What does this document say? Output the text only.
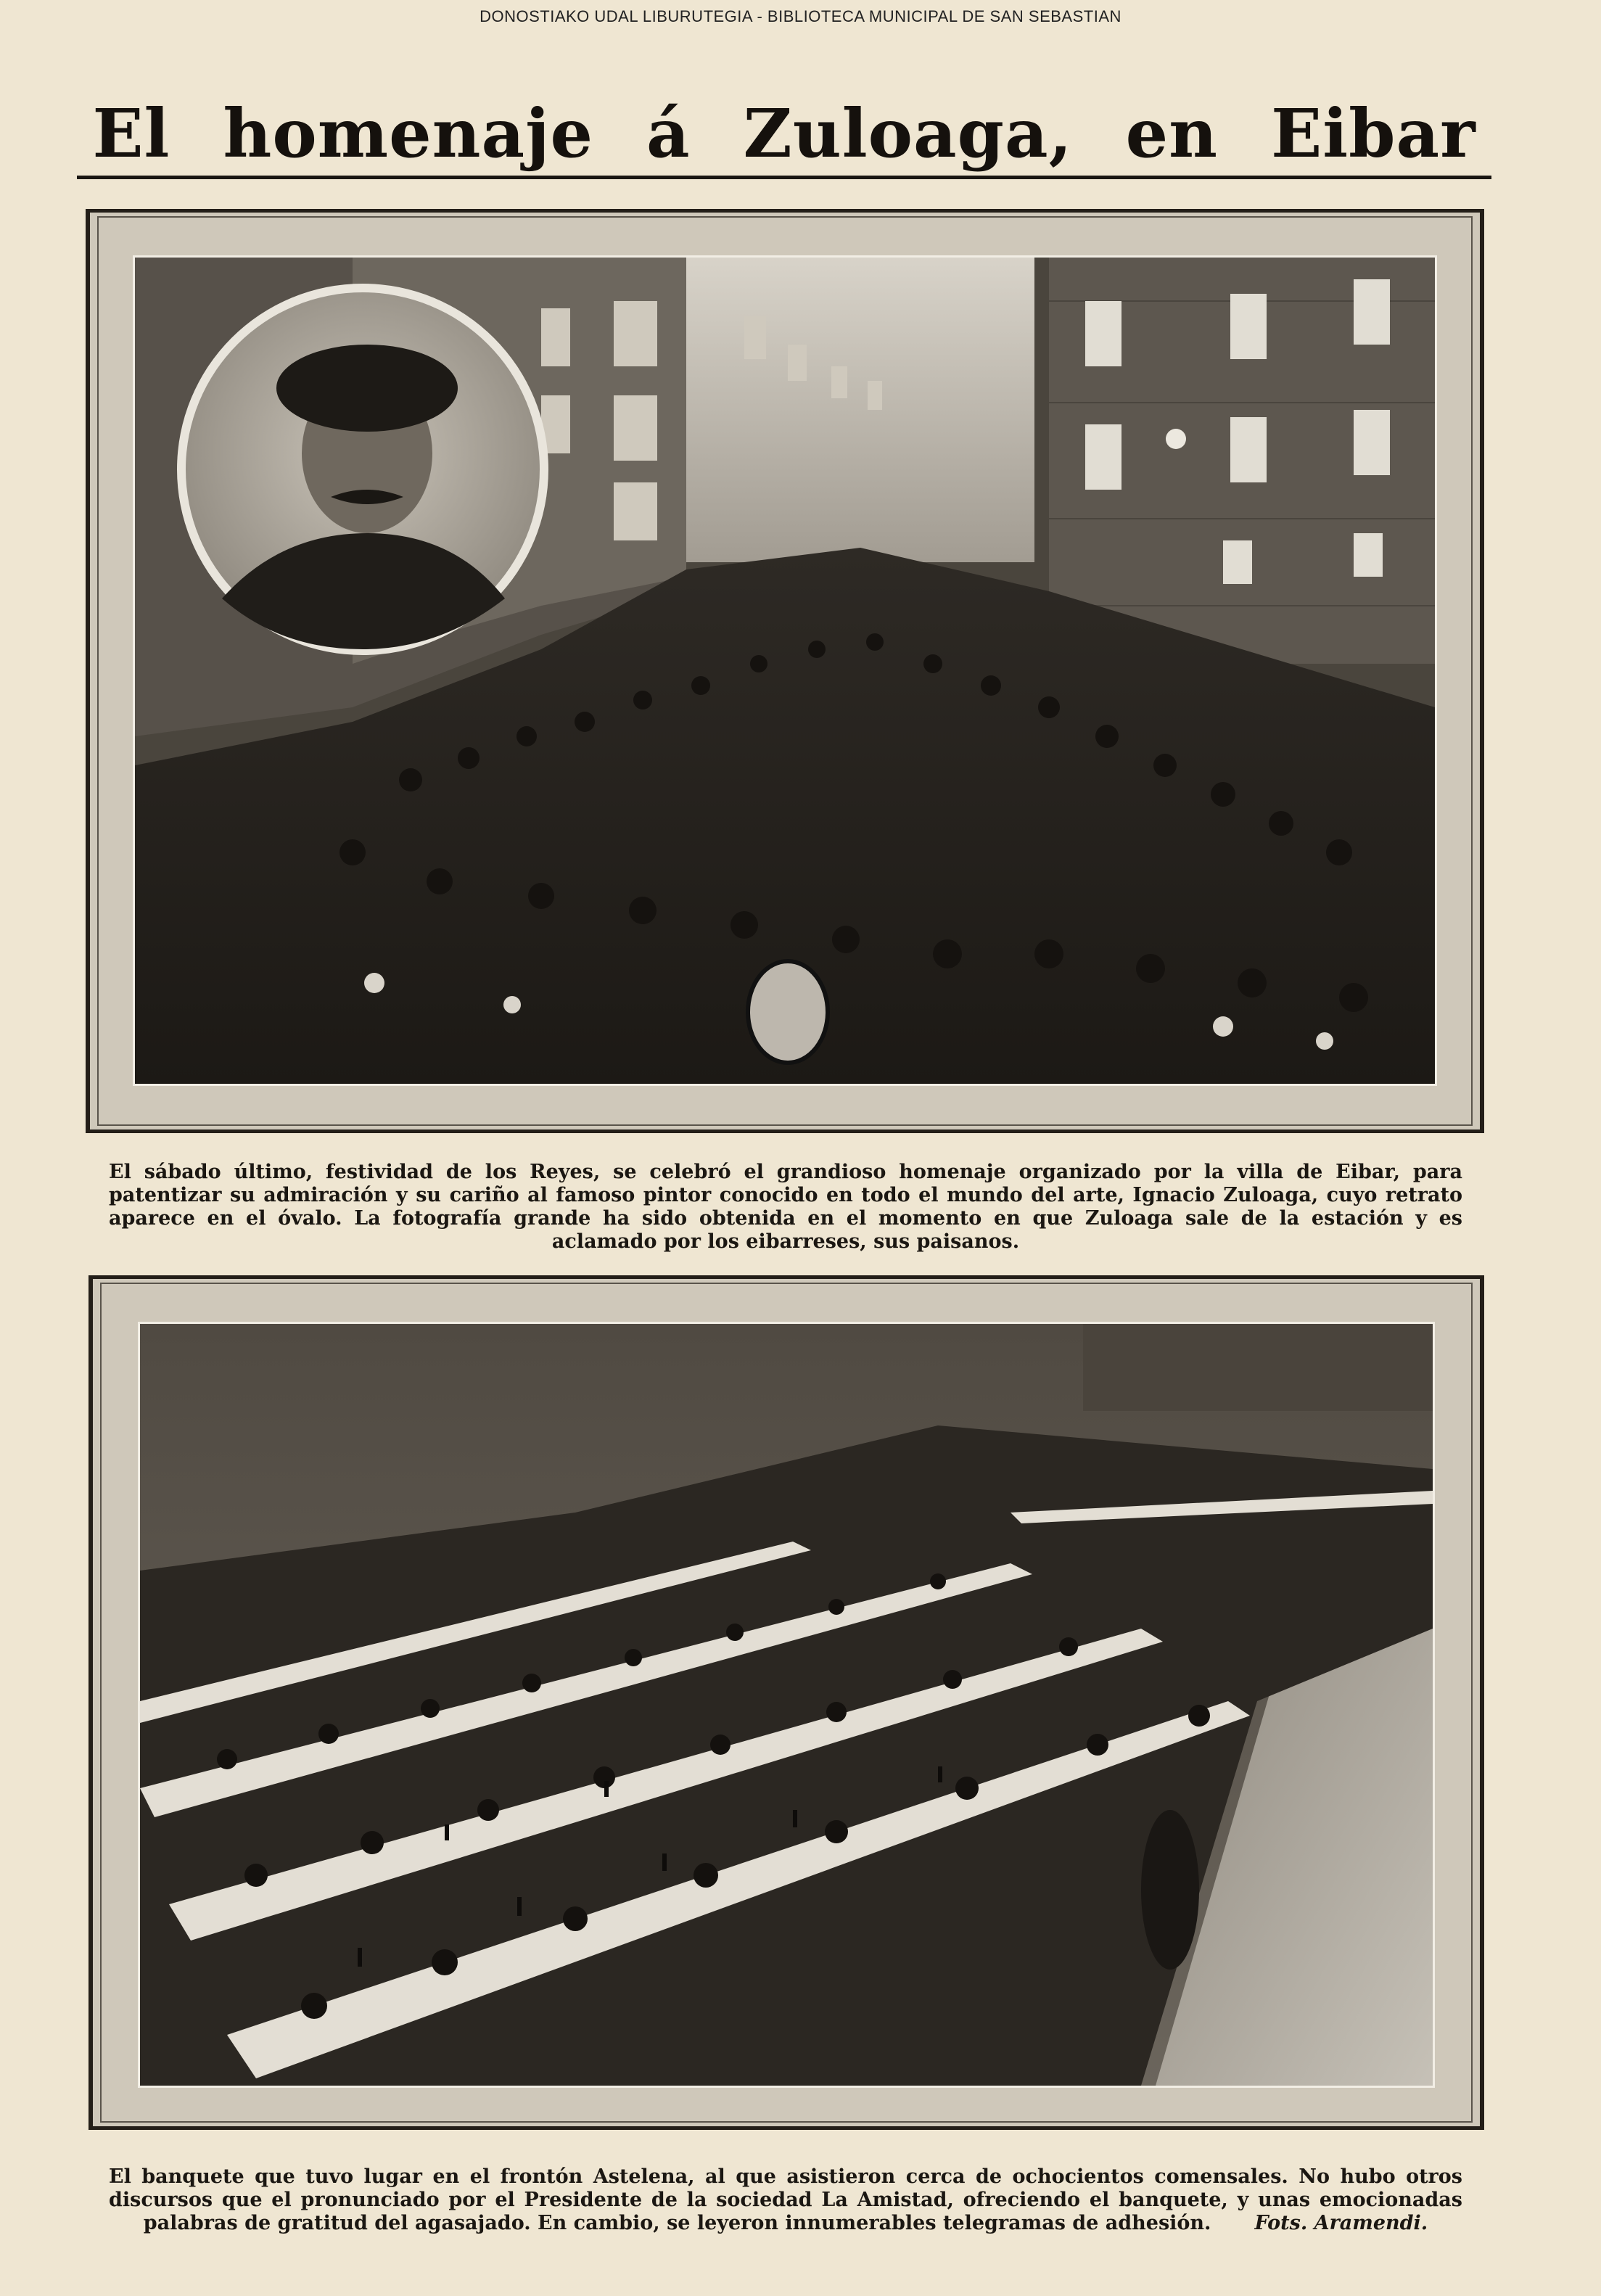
DONOSTIAKO UDAL LIBURUTEGIA - BIBLIOTECA MUNICIPAL DE SAN SEBASTIAN
El homenaje á Zuloaga, en Eibar
El sábado último, festividad de los Reyes, se celebró el grandioso homenaje organizado por la villa de Eibar, para patentizar su admiración y su cariño al famoso pintor conocido en todo el mundo del arte, Ignacio Zuloaga, cuyo retrato aparece en el óvalo. La fotografía grande ha sido obtenida en el momento en que Zuloaga sale de la estación y es aclamado por los eibarreses, sus paisanos.
El banquete que tuvo lugar en el frontón Astelena, al que asistieron cerca de ochocientos comensales. No hubo otros discursos que el pronunciado por el Presidente de la sociedad La Amistad, ofreciendo el banquete, y unas emocionadas palabras de gratitud del agasajado. En cambio, se leyeron innumerables telegramas de adhesión. Fots. Aramendi.
